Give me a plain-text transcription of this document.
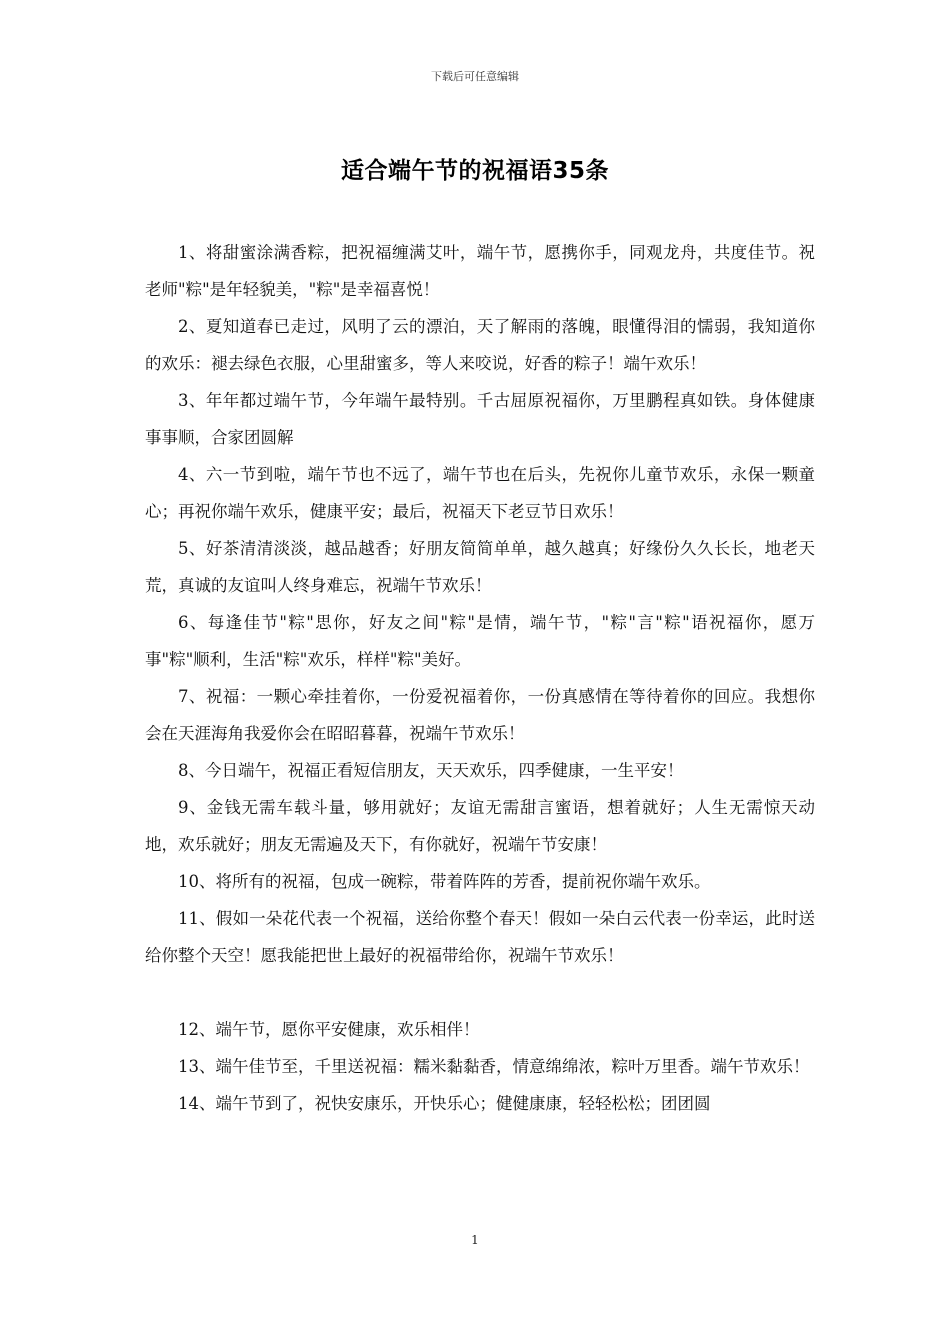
下载后可任意编辑
适合端午节的祝福语35条

1、将甜蜜涂满香粽，把祝福缠满艾叶，端午节，愿携你手，同观龙舟，共度佳节。祝老师"粽"是年轻貌美，"粽"是幸福喜悦！

2、夏知道春已走过，风明了云的漂泊，天了解雨的落魄，眼懂得泪的懦弱，我知道你的欢乐：褪去绿色衣服，心里甜蜜多，等人来咬说，好香的粽子！端午欢乐！

3、年年都过端午节，今年端午最特别。千古屈原祝福你，万里鹏程真如铁。身体健康事事顺，合家团圆解

4、六一节到啦，端午节也不远了，端午节也在后头，先祝你儿童节欢乐，永保一颗童心；再祝你端午欢乐，健康平安；最后，祝福天下老豆节日欢乐！

5、好茶清清淡淡，越品越香；好朋友简简单单，越久越真；好缘份久久长长，地老天荒，真诚的友谊叫人终身难忘，祝端午节欢乐！

6、每逢佳节"粽"思你，好友之间"粽"是情，端午节，"粽"言"粽"语祝福你，愿万事"粽"顺利，生活"粽"欢乐，样样"粽"美好。

7、祝福：一颗心牵挂着你，一份爱祝福着你，一份真感情在等待着你的回应。我想你会在天涯海角我爱你会在昭昭暮暮，祝端午节欢乐！

8、今日端午，祝福正看短信朋友，天天欢乐，四季健康，一生平安！

9、金钱无需车载斗量，够用就好；友谊无需甜言蜜语，想着就好；人生无需惊天动地，欢乐就好；朋友无需遍及天下，有你就好，祝端午节安康！

10、将所有的祝福，包成一碗粽，带着阵阵的芳香，提前祝你端午欢乐。

11、假如一朵花代表一个祝福，送给你整个春天！假如一朵白云代表一份幸运，此时送给你整个天空！愿我能把世上最好的祝福带给你，祝端午节欢乐！

12、端午节，愿你平安健康，欢乐相伴！

13、端午佳节至，千里送祝福：糯米黏黏香，情意绵绵浓，粽叶万里香。端午节欢乐！

14、端午节到了，祝快安康乐，开快乐心；健健康康，轻轻松松；团团圆

1
